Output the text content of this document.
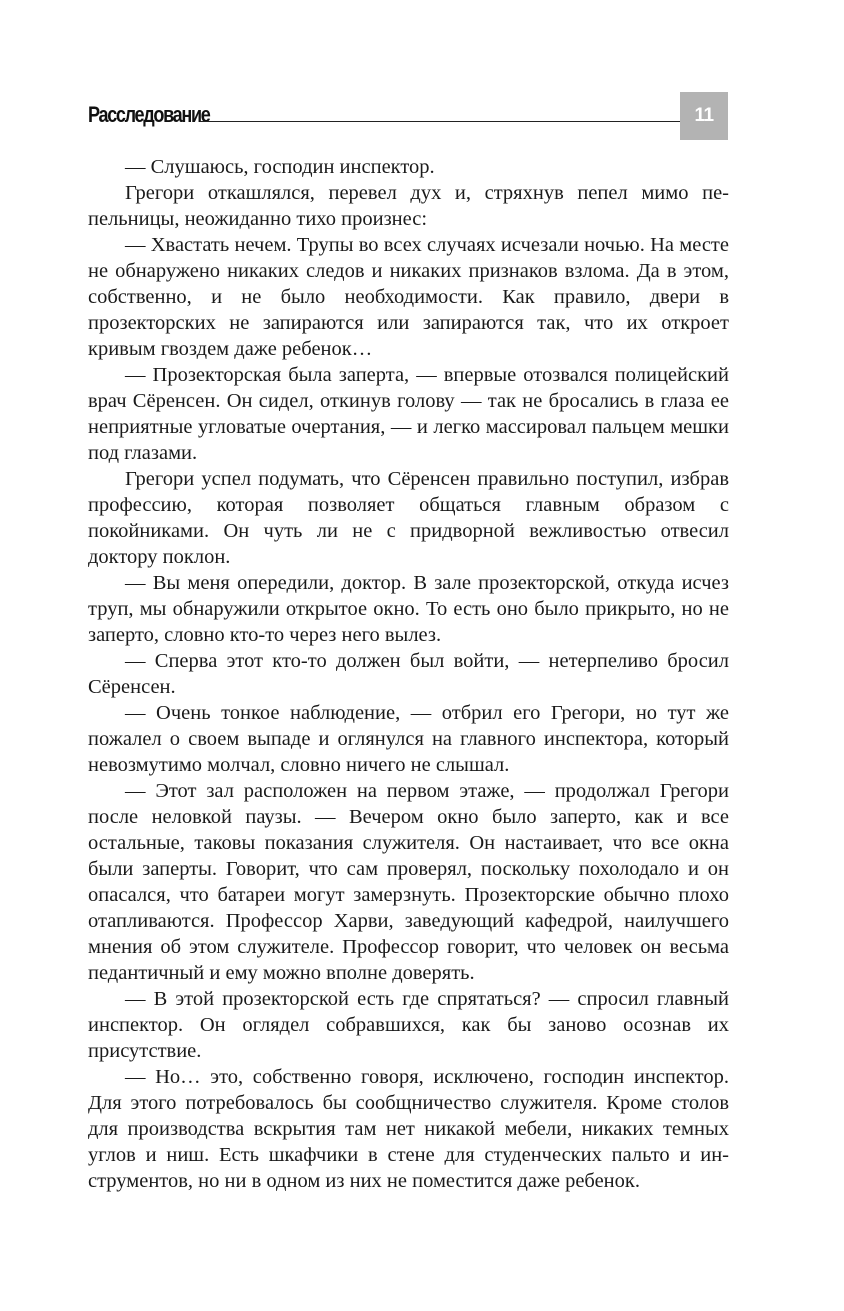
Расследование	11

— Слушаюсь, господин инспектор.

Грегори откашлялся, перевел дух и, стряхнув пепел мимо пепельницы, неожиданно тихо произнес:

— Хвастать нечем. Трупы во всех случаях исчезали ночью. На месте не обнаружено никаких следов и никаких признаков взлома. Да в этом, собственно, и не было необходимости. Как правило, двери в прозекторских не запираются или запираются так, что их откроет кривым гвоздем даже ребенок…

— Прозекторская была заперта, — впервые отозвался полицейский врач Сёренсен. Он сидел, откинув голову — так не бросались в глаза ее неприятные угловатые очертания, — и легко массировал пальцем мешки под глазами.

Грегори успел подумать, что Сёренсен правильно поступил, избрав профессию, которая позволяет общаться главным образом с покойниками. Он чуть ли не с придворной вежливостью отвесил доктору поклон.

— Вы меня опередили, доктор. В зале прозекторской, откуда исчез труп, мы обнаружили открытое окно. То есть оно было прикрыто, но не заперто, словно кто-то через него вылез.

— Сперва этот кто-то должен был войти, — нетерпеливо бросил Сёренсен.

— Очень тонкое наблюдение, — отбрил его Грегори, но тут же пожалел о своем выпаде и оглянулся на главного инспектора, который невозмутимо молчал, словно ничего не слышал.

— Этот зал расположен на первом этаже, — продолжал Грегори после неловкой паузы. — Вечером окно было заперто, как и все остальные, таковы показания служителя. Он настаивает, что все окна были заперты. Говорит, что сам проверял, поскольку похолодало и он опасался, что батареи могут замерзнуть. Прозекторские обычно плохо отапливаются. Профессор Харви, заведующий кафедрой, наилучшего мнения об этом служителе. Профессор говорит, что человек он весьма педантичный и ему можно вполне доверять.

— В этой прозекторской есть где спрятаться? — спросил главный инспектор. Он оглядел собравшихся, как бы заново осознав их присутствие.

— Но… это, собственно говоря, исключено, господин инспектор. Для этого потребовалось бы сообщничество служителя. Кроме столов для производства вскрытия там нет никакой мебели, никаких темных углов и ниш. Есть шкафчики в стене для студенческих пальто и инструментов, но ни в одном из них не поместится даже ребенок.
